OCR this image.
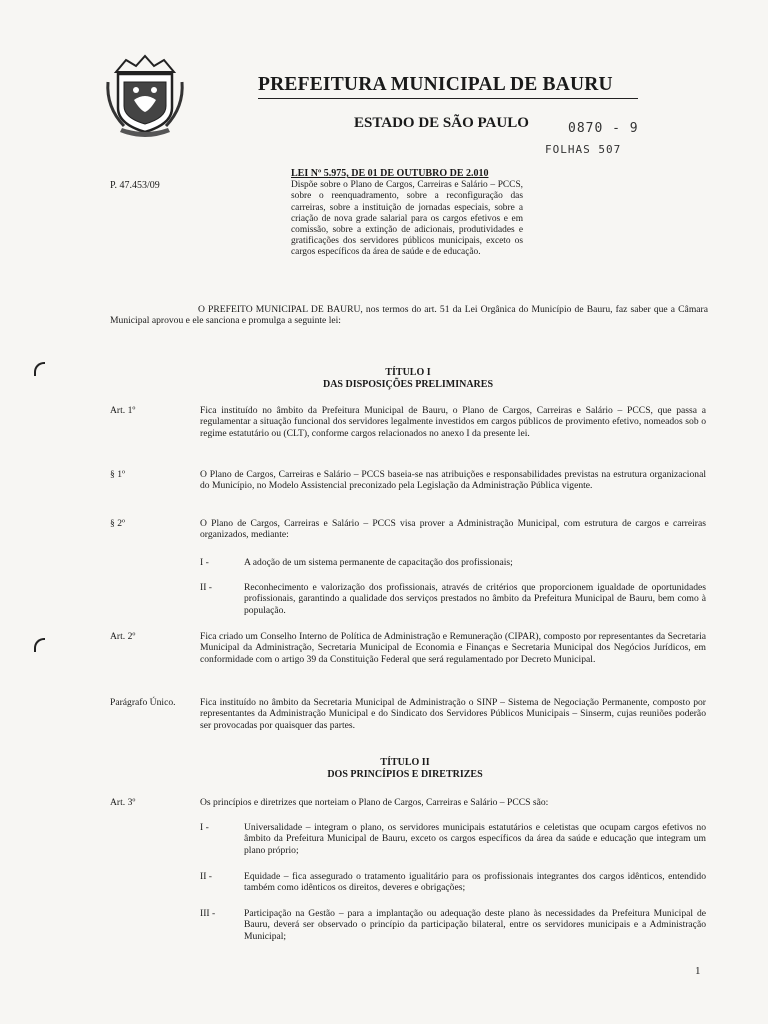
PREFEITURA MUNICIPAL DE BAURU
ESTADO DE SÃO PAULO	0870 - 9
FOLHAS 507
P. 47.453/09
LEI Nº 5.975, DE 01 DE OUTUBRO DE 2.010
Dispõe sobre o Plano de Cargos, Carreiras e Salário – PCCS, sobre o reenquadramento, sobre a reconfiguração das carreiras, sobre a instituição de jornadas especiais, sobre a criação de nova grade salarial para os cargos efetivos e em comissão, sobre a extinção de adicionais, produtividades e gratificações dos servidores públicos municipais, exceto os cargos específicos da área de saúde e de educação.
O PREFEITO MUNICIPAL DE BAURU, nos termos do art. 51 da Lei Orgânica do Município de Bauru, faz saber que a Câmara Municipal aprovou e ele sanciona e promulga a seguinte lei:
TÍTULO I
DAS DISPOSIÇÕES PRELIMINARES
Art. 1º	Fica instituído no âmbito da Prefeitura Municipal de Bauru, o Plano de Cargos, Carreiras e Salário – PCCS, que passa a regulamentar a situação funcional dos servidores legalmente investidos em cargos públicos de provimento efetivo, nomeados sob o regime estatutário ou (CLT), conforme cargos relacionados no anexo I da presente lei.
§ 1º	O Plano de Cargos, Carreiras e Salário – PCCS baseia-se nas atribuições e responsabilidades previstas na estrutura organizacional do Município, no Modelo Assistencial preconizado pela Legislação da Administração Pública vigente.
§ 2º	O Plano de Cargos, Carreiras e Salário – PCCS visa prover a Administração Municipal, com estrutura de cargos e carreiras organizados, mediante:
I -	A adoção de um sistema permanente de capacitação dos profissionais;
II -	Reconhecimento e valorização dos profissionais, através de critérios que proporcionem igualdade de oportunidades profissionais, garantindo a qualidade dos serviços prestados no âmbito da Prefeitura Municipal de Bauru, bem como à população.
Art. 2º	Fica criado um Conselho Interno de Política de Administração e Remuneração (CIPAR), composto por representantes da Secretaria Municipal da Administração, Secretaria Municipal de Economia e Finanças e Secretaria Municipal dos Negócios Jurídicos, em conformidade com o artigo 39 da Constituição Federal que será regulamentado por Decreto Municipal.
Parágrafo Único.	Fica instituído no âmbito da Secretaria Municipal de Administração o SINP – Sistema de Negociação Permanente, composto por representantes da Administração Municipal e do Sindicato dos Servidores Públicos Municipais – Sinserm, cujas reuniões poderão ser provocadas por quaisquer das partes.
TÍTULO II
DOS PRINCÍPIOS E DIRETRIZES
Art. 3º	Os princípios e diretrizes que norteiam o Plano de Cargos, Carreiras e Salário – PCCS são:
I -	Universalidade – integram o plano, os servidores municipais estatutários e celetistas que ocupam cargos efetivos no âmbito da Prefeitura Municipal de Bauru, exceto os cargos específicos da área da saúde e educação que integram um plano próprio;
II -	Equidade – fica assegurado o tratamento igualitário para os profissionais integrantes dos cargos idênticos, entendido também como idênticos os direitos, deveres e obrigações;
III -	Participação na Gestão – para a implantação ou adequação deste plano às necessidades da Prefeitura Municipal de Bauru, deverá ser observado o princípio da participação bilateral, entre os servidores municipais e a Administração Municipal;
1
